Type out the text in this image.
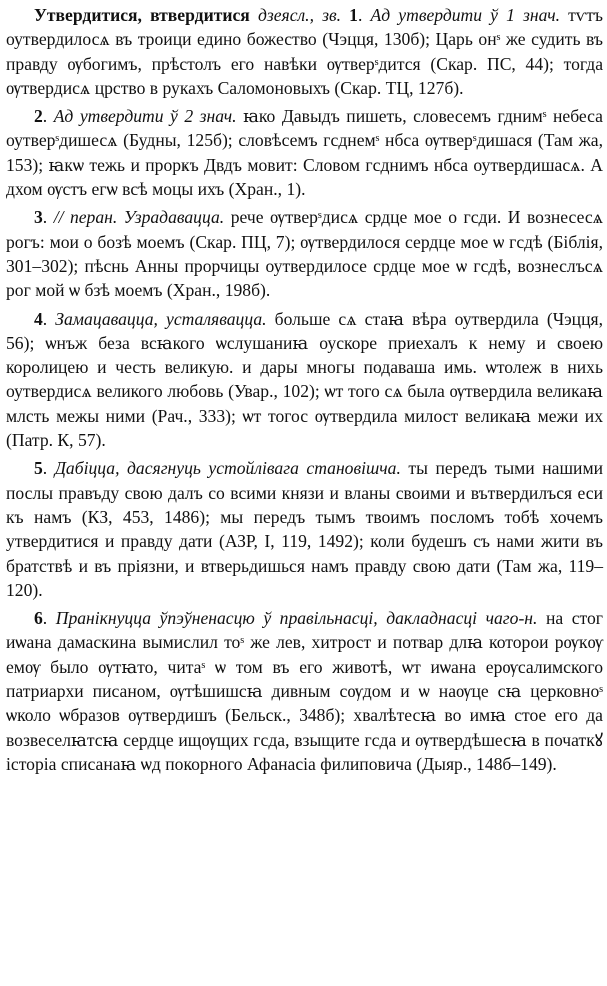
Утвердитися, втвердитися дзеясл., зв. 1. Ад утвердити ў 1 знач. тѵтъ оутвердилосѧ въ троици едино божество (Чэцця, 130б); Царь онˢ же судить въ правду ѹбогимъ, прѣстолъ его навѣки ѹтверˢдится (Скар. ПС, 44); тогда ѹтвердисѧ црство в рукахъ Саломоновыхъ (Скар. ТЦ, 127б).

2. Ад утвердити ў 2 знач. ꙗко Давыдъ пишеть, словесемъ гднимˢ небеса оутверˢдишесѧ (Будны, 125б); словѣсемъ гсднемˢ нбса ѹтверˢдишася (Там жа, 153); ꙗкѡ тежь и прорҝъ Двдъ мовит: Словом гсднимъ нбса оутвердишасѧ. А дхом ѹстъ егѡ всѣ моцы ихъ (Хран., 1).

3. // перан. Узрадавацца. рече ѹтверˢдисѧ срдце мое о гсди. И вознесесѧ рогъ: мои о бозѣ моемъ (Скар. ПЦ, 7); ѹтвердилося сердце мое ѡ гсдѣ (Біблія, 301–302); пѣснь Анны прорчицы оутвердилосе срдце мое ѡ гсдѣ, вознеслъсѧ рог мой ѡ бзѣ моемъ (Хран., 198б).

4. Замацавацца, усталявацца. больше сѧ стаꙗ вѣра оутвердила (Чэцця, 56); ѡнъж беза всꙗкого ѡслушаниꙗ оускоре приехалъ к нему и своею королицею и честь великую. и дары многы подаваша имь. ѡтолеж в нихь оутвердисѧ великого любовь (Увар., 102); ѡт того сѧ была ѹтвердила великаꙗ млсть межы ними (Рач., 333); ѡт тогос ѹтвердила милост великаꙗ межи их (Патр. К, 57).

5. Дабіцца, дасягнуць устойлівага становішча. ты передъ тыми нашими послы правъду свою далъ со всими князи и вланы своими и вътвердилъся еси къ намъ (КЗ, 453, 1486); мы передъ тымъ твоимъ посломъ тобѣ хочемъ утвердитися и правду дати (АЗР, I, 119, 1492); коли будешъ съ нами жити въ братствѣ и въ пріязни, и втверьдишься намъ правду свою дати (Там жа, 119–120).

6. Пранікнуцца ўпэўненасцю ў правільнасці, дакладнасці чаго-н. на стог иѡана дамаскина вымислил тоˢ же лев, хитрост и потвар длꙗ которои рѹкѹ емѹ было ѹтꙗто, читаˢ ѡ том въ его животѣ, ѡт иѡана ерѹсалимского патриархи писаном, ѹтѣшишсꙗ дивным сѹдом и ѡ наѹце сꙗ церковноˢ ѡколо ѡбразов ѹтвердишъ (Бельск., 348б); хвалѣтесꙗ во имꙗ стое его да возвеселꙗтсꙗ сердце ищѹщих гсда, взыщите гсда и ѹтвердѣшесꙗ в початкꙋ історіа списанаꙗ ѡд покорного Афанасіа филиповича (Дыяр., 148б–149).
